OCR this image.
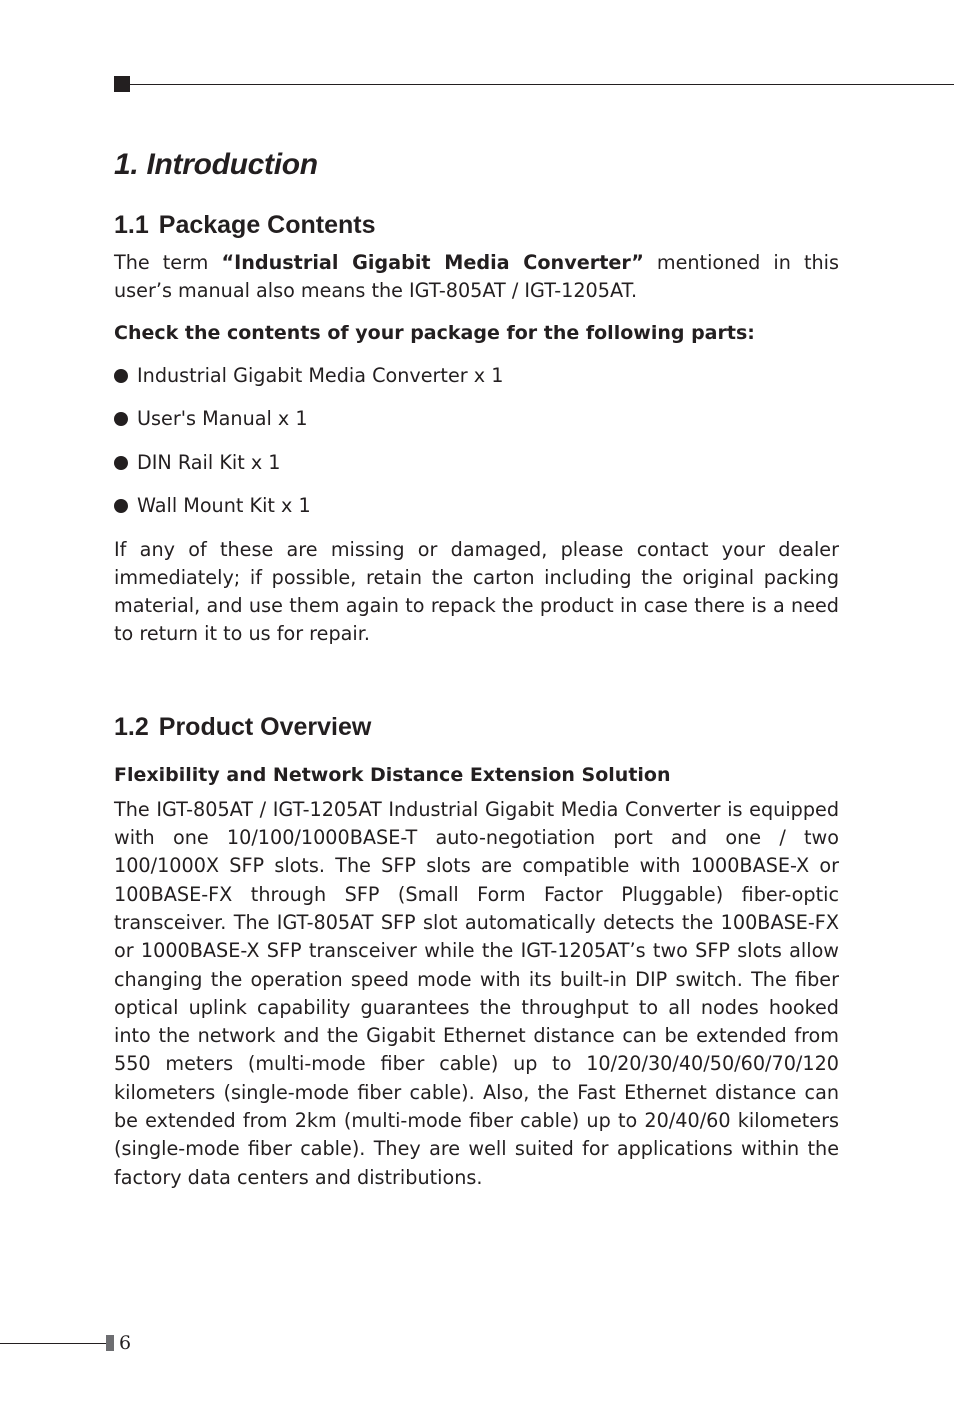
1. Introduction
1.1 Package Contents

The term “Industrial Gigabit Media Converter” mentioned in this user’s manual also means the IGT-805AT / IGT-1205AT.

Check the contents of your package for the following parts:
Industrial Gigabit Media Converter x 1
User's Manual x 1
DIN Rail Kit x 1
Wall Mount Kit x 1

If any of these are missing or damaged, please contact your dealer immediately; if possible, retain the carton including the original packing material, and use them again to repack the product in case there is a need to return it to us for repair.

1.2 Product Overview
Flexibility and Network Distance Extension Solution

The IGT-805AT / IGT-1205AT Industrial Gigabit Media Converter is equipped with one 10/100/1000BASE-T auto-negotiation port and one / two 100/1000X SFP slots. The SFP slots are compatible with 1000BASE-X or 100BASE-FX through SFP (Small Form Factor Pluggable) fiber-optic transceiver. The IGT-805AT SFP slot automatically detects the 100BASE-FX or 1000BASE-X SFP transceiver while the IGT-1205AT’s two SFP slots allow changing the operation speed mode with its built-in DIP switch. The fiber optical uplink capability guarantees the throughput to all nodes hooked into the network and the Gigabit Ethernet distance can be extended from 550 meters (multi-mode fiber cable) up to 10/20/30/40/50/60/70/120 kilometers (single-mode fiber cable). Also, the Fast Ethernet distance can be extended from 2km (multi-mode fiber cable) up to 20/40/60 kilometers (single-mode fiber cable). They are well suited for applications within the factory data centers and distributions.

6
